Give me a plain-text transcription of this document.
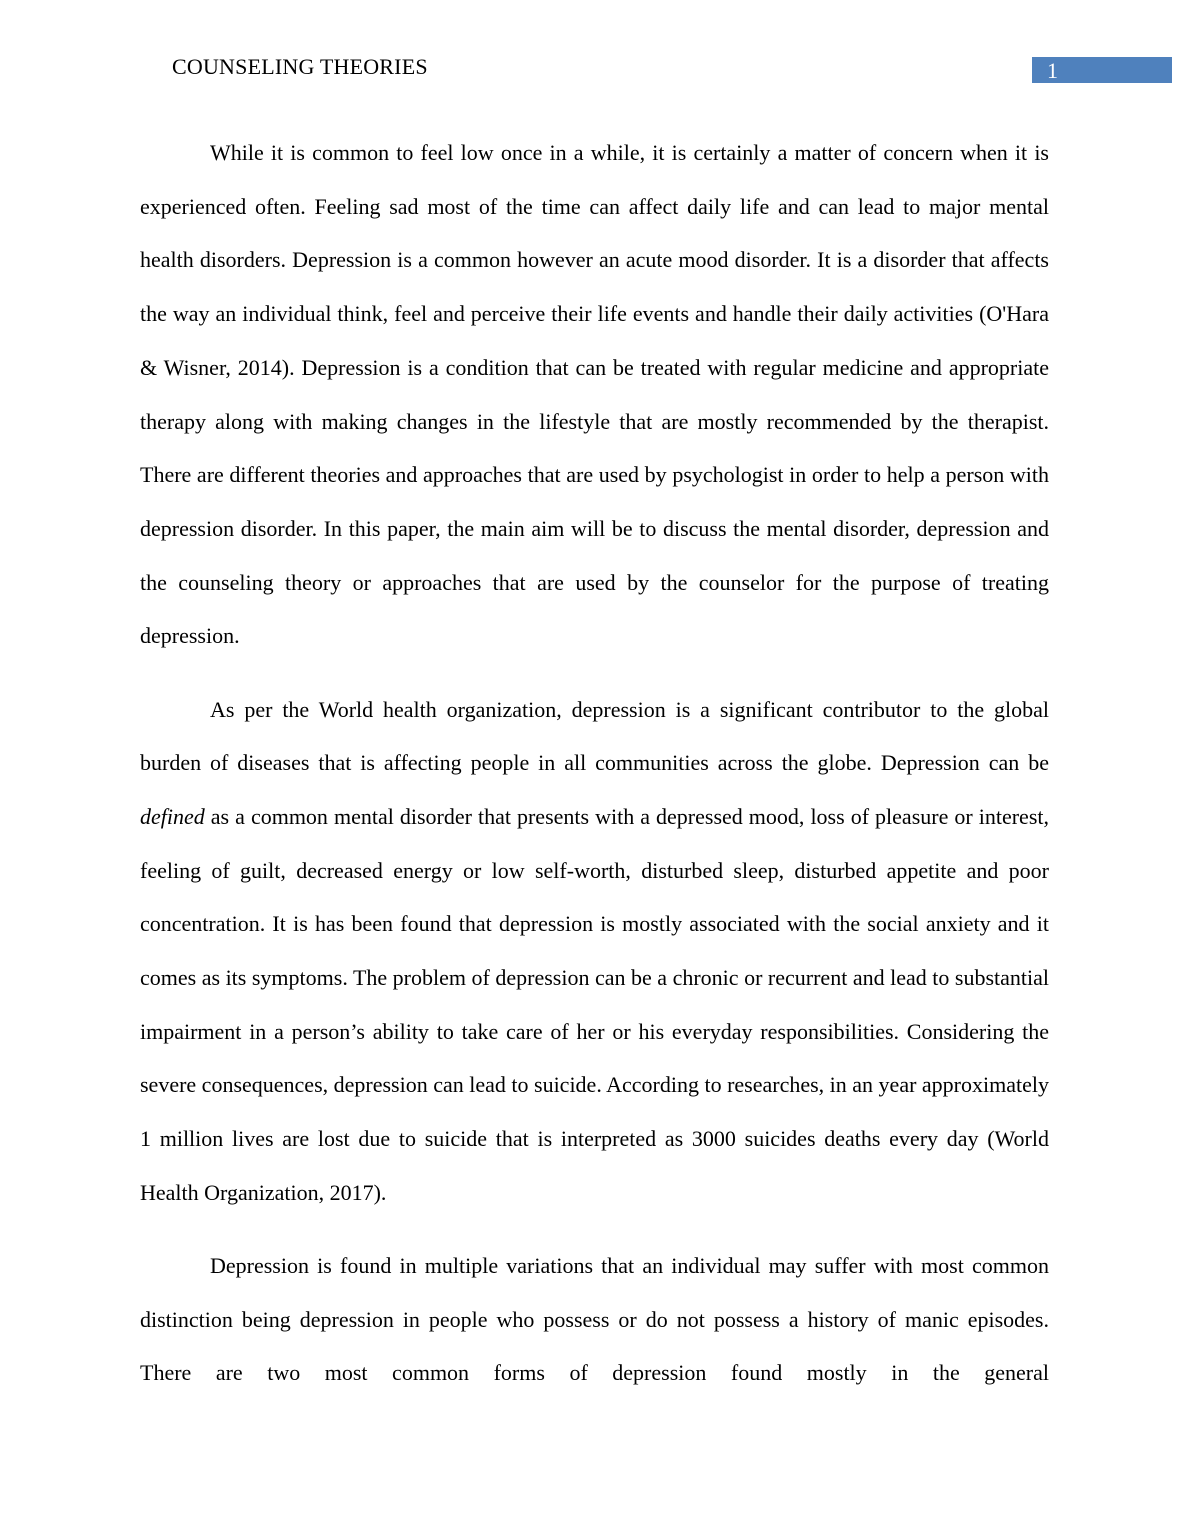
COUNSELING THEORIES	1

While it is common to feel low once in a while, it is certainly a matter of concern when it is experienced often. Feeling sad most of the time can affect daily life and can lead to major mental health disorders. Depression is a common however an acute mood disorder. It is a disorder that affects the way an individual think, feel and perceive their life events and handle their daily activities (O'Hara & Wisner, 2014). Depression is a condition that can be treated with regular medicine and appropriate therapy along with making changes in the lifestyle that are mostly recommended by the therapist. There are different theories and approaches that are used by psychologist in order to help a person with depression disorder. In this paper, the main aim will be to discuss the mental disorder, depression and the counseling theory or approaches that are used by the counselor for the purpose of treating depression.

As per the World health organization, depression is a significant contributor to the global burden of diseases that is affecting people in all communities across the globe. Depression can be defined as a common mental disorder that presents with a depressed mood, loss of pleasure or interest, feeling of guilt, decreased energy or low self-worth, disturbed sleep, disturbed appetite and poor concentration. It is has been found that depression is mostly associated with the social anxiety and it comes as its symptoms. The problem of depression can be a chronic or recurrent and lead to substantial impairment in a person’s ability to take care of her or his everyday responsibilities. Considering the severe consequences, depression can lead to suicide. According to researches, in an year approximately 1 million lives are lost due to suicide that is interpreted as 3000 suicides deaths every day (World Health Organization, 2017).

Depression is found in multiple variations that an individual may suffer with most common distinction being depression in people who possess or do not possess a history of manic episodes. There are two most common forms of depression found mostly in the general
